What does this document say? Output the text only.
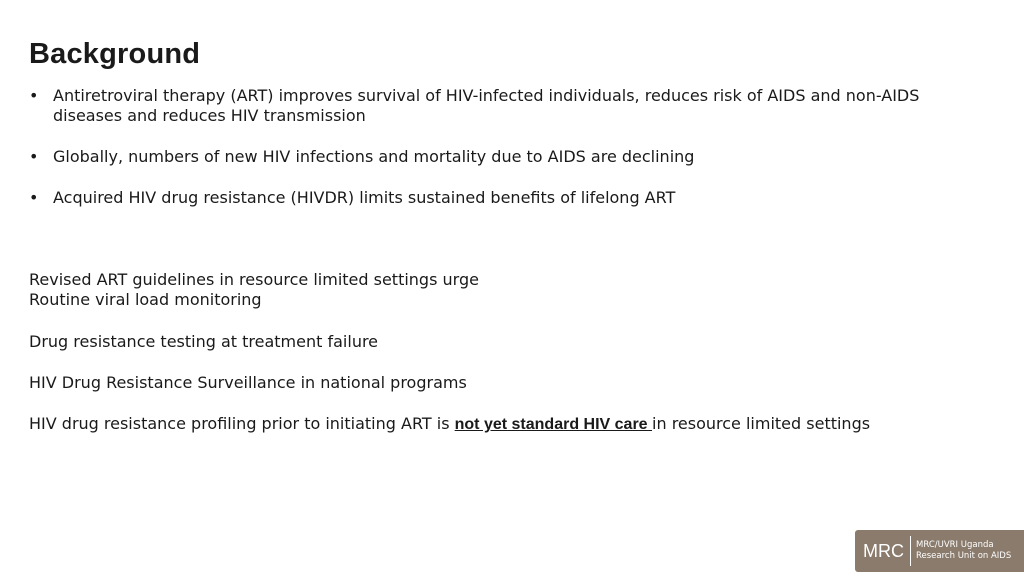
Background
• Antiretroviral therapy (ART) improves survival of HIV-infected individuals, reduces risk of AIDS and non-AIDS diseases and reduces HIV transmission
• Globally, numbers of new HIV infections and mortality due to AIDS are declining
• Acquired HIV drug resistance (HIVDR) limits sustained benefits of lifelong ART

Revised ART guidelines in resource limited settings urge
Routine viral load monitoring

Drug resistance testing at treatment failure

HIV Drug Resistance Surveillance in national programs

HIV drug resistance profiling prior to initiating ART is not yet standard HIV care in resource limited settings

MRC	MRC/UVRI Uganda
Research Unit on AIDS
